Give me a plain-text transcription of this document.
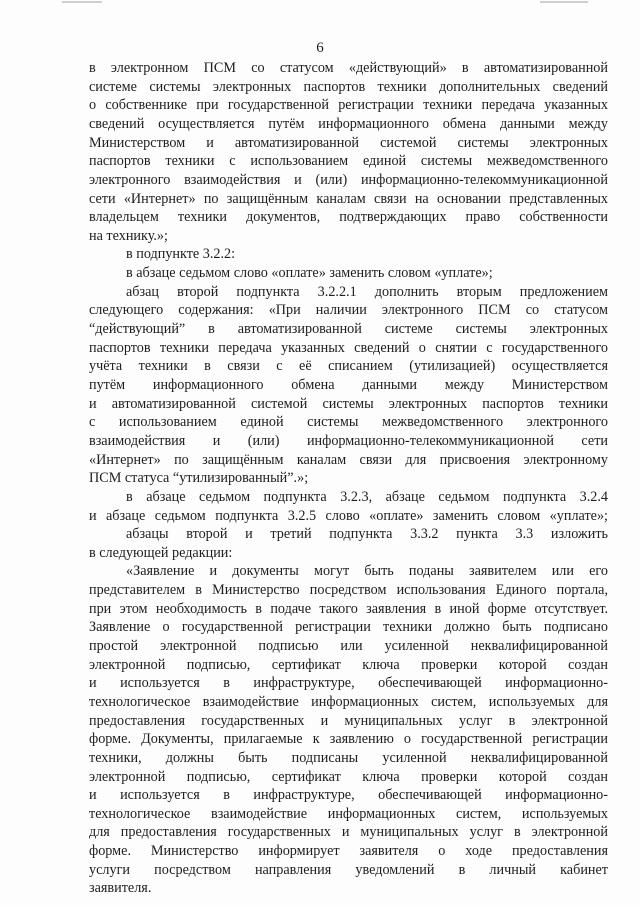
6
в электронном ПСМ со статусом «действующий» в автоматизированной
системе системы электронных паспортов техники дополнительных сведений
о собственнике при государственной регистрации техники передача указанных
сведений осуществляется путём информационного обмена данными между
Министерством и автоматизированной системой системы электронных
паспортов техники с использованием единой системы межведомственного
электронного взаимодействия и (или) информационно-телекоммуникационной
сети «Интернет» по защищённым каналам связи на основании представленных
владельцем техники документов, подтверждающих право собственности
на технику.»;
в подпункте 3.2.2:
в абзаце седьмом слово «оплате» заменить словом «уплате»;
абзац второй подпункта 3.2.2.1 дополнить вторым предложением
следующего содержания: «При наличии электронного ПСМ со статусом
“действующий” в автоматизированной системе системы электронных
паспортов техники передача указанных сведений о снятии с государственного
учёта техники в связи с её списанием (утилизацией) осуществляется
путём информационного обмена данными между Министерством
и автоматизированной системой системы электронных паспортов техники
с использованием единой системы межведомственного электронного
взаимодействия и (или) информационно-телекоммуникационной сети
«Интернет» по защищённым каналам связи для присвоения электронному
ПСМ статуса “утилизированный”.»;
в абзаце седьмом подпункта 3.2.3, абзаце седьмом подпункта 3.2.4
и абзаце седьмом подпункта 3.2.5 слово «оплате» заменить словом «уплате»;
абзацы второй и третий подпункта 3.3.2 пункта 3.3 изложить
в следующей редакции:
«Заявление и документы могут быть поданы заявителем или его
представителем в Министерство посредством использования Единого портала,
при этом необходимость в подаче такого заявления в иной форме отсутствует.
Заявление о государственной регистрации техники должно быть подписано
простой электронной подписью или усиленной неквалифицированной
электронной подписью, сертификат ключа проверки которой создан
и используется в инфраструктуре, обеспечивающей информационно-
технологическое взаимодействие информационных систем, используемых для
предоставления государственных и муниципальных услуг в электронной
форме. Документы, прилагаемые к заявлению о государственной регистрации
техники, должны быть подписаны усиленной неквалифицированной
электронной подписью, сертификат ключа проверки которой создан
и используется в инфраструктуре, обеспечивающей информационно-
технологическое взаимодействие информационных систем, используемых
для предоставления государственных и муниципальных услуг в электронной
форме. Министерство информирует заявителя о ходе предоставления
услуги посредством направления уведомлений в личный кабинет
заявителя.
